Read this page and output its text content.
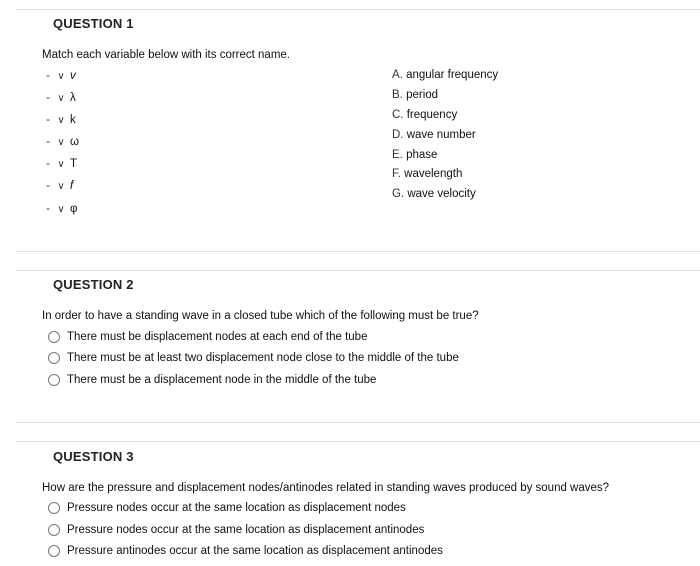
QUESTION 1
Match each variable below with its correct name.
- ∨ v
- ∨ λ
- ∨ k
- ∨ ω
- ∨ T
- ∨ f
- ∨ φ
A. angular frequency
B. period
C. frequency
D. wave number
E. phase
F. wavelength
G. wave velocity
QUESTION 2
In order to have a standing wave in a closed tube which of the following must be true?
There must be displacement nodes at each end of the tube
There must be at least two displacement node close to the middle of the tube
There must be a displacement node in the middle of the tube
QUESTION 3
How are the pressure and displacement nodes/antinodes related in standing waves produced by sound waves?
Pressure nodes occur at the same location as displacement nodes
Pressure nodes occur at the same location as displacement antinodes
Pressure antinodes occur at the same location as displacement antinodes
